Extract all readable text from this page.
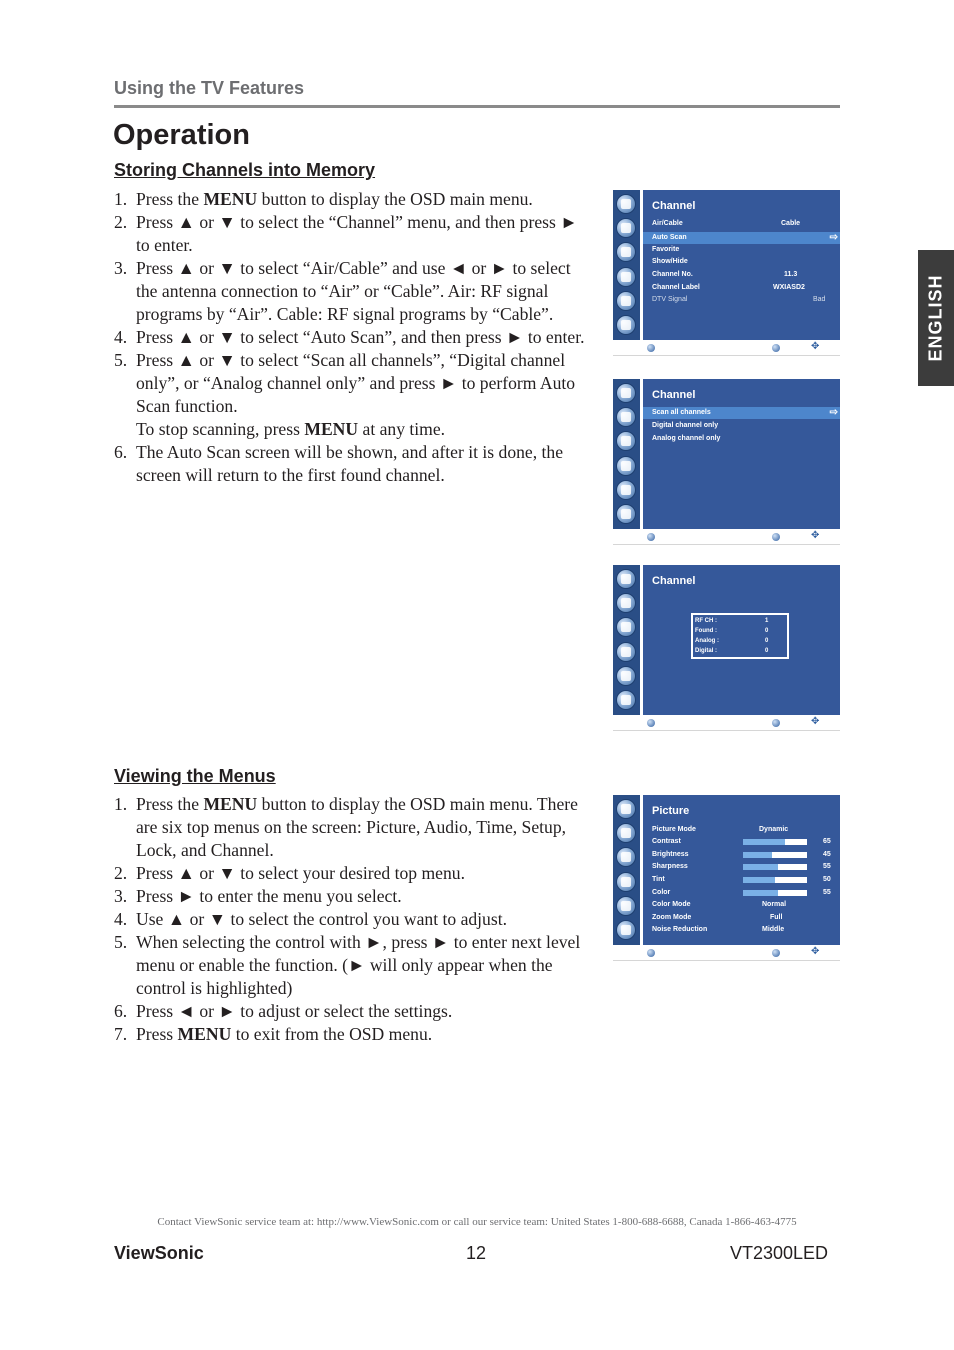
Using the TV Features
Operation
ENGLISH
Storing Channels into Memory
1. Press the MENU button to display the OSD main menu.
2. Press ▲ or ▼ to select the “Channel” menu, and then press ► to enter.
3. Press ▲ or ▼ to select “Air/Cable” and use ◄ or ► to select the antenna connection to “Air” or “Cable”. Air: RF signal programs by “Air”. Cable: RF signal programs by “Cable”.
4. Press ▲ or ▼ to select “Auto Scan”, and then press ► to enter.
5. Press ▲ or ▼ to select “Scan all channels”, “Digital channel only”, or “Analog channel only” and press ► to perform Auto Scan function.
To stop scanning, press MENU at any time.
6. The Auto Scan screen will be shown, and after it is done, the screen will return to the first found channel.
Viewing the Menus
1. Press the MENU button to display the OSD main menu. There are six top menus on the screen: Picture, Audio, Time, Setup, Lock, and Channel.
2. Press ▲ or ▼ to select your desired top menu.
3. Press ► to enter the menu you select.
4. Use ▲ or ▼ to select the control you want to adjust.
5. When selecting the control with ►, press ► to enter next level menu or enable the function. (► will only appear when the control is highlighted)
6. Press ◄ or ► to adjust or select the settings.
7. Press MENU to exit from the OSD menu.
Channel
Air/Cable	Cable
Auto Scan	⇨
Favorite
Show/Hide
Channel No.	11.3
Channel Label	WXIASD2
DTV Signal	Bad
✥
Channel
Scan all channels	⇨
Digital channel only
Analog channel only
✥
Channel
RF CH :	1
Found :	0
Analog :	0
Digital :	0
✥
Picture
Picture Mode	Dynamic
Contrast	65
Brightness	45
Sharpness	55
Tint	50
Color	55
Color Mode	Normal
Zoom Mode	Full
Noise Reduction	Middle
✥
Contact ViewSonic service team at: http://www.ViewSonic.com or call our service team: United States 1-800-688-6688, Canada 1-866-463-4775
ViewSonic	12	VT2300LED
